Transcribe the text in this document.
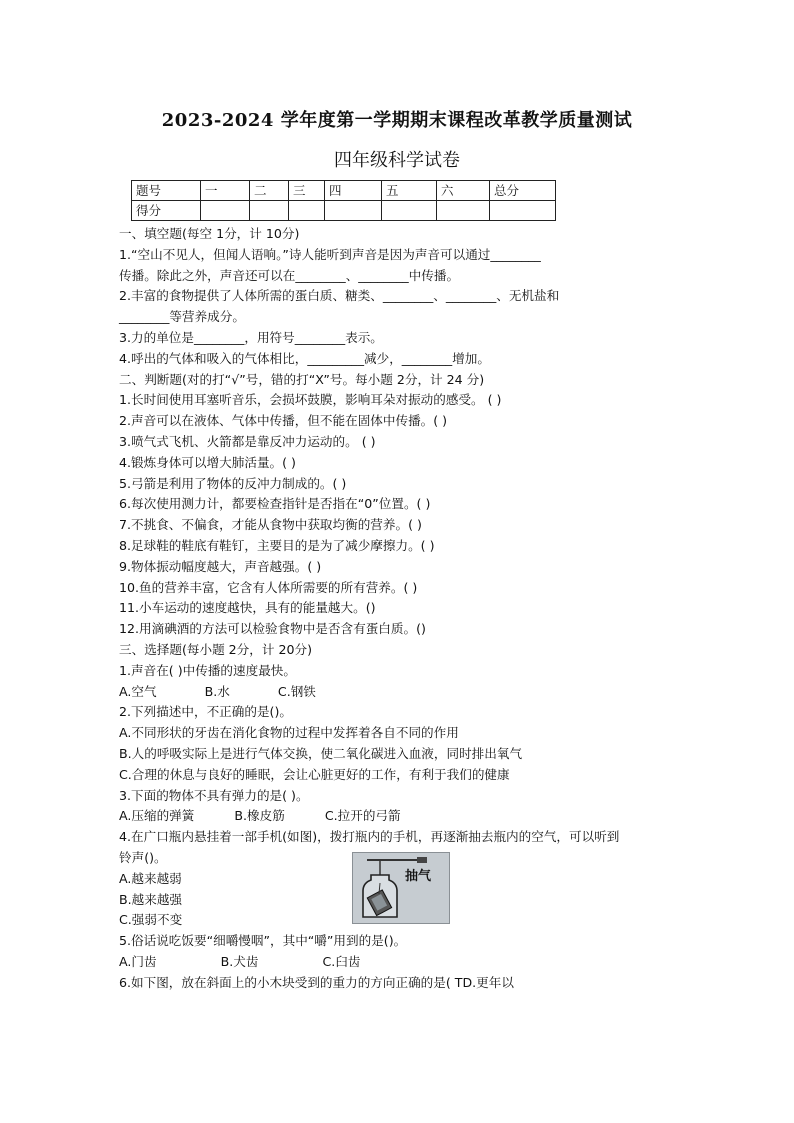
2023-2024 学年度第一学期期末课程改革教学质量测试
四年级科学试卷
题号	一	二	三	四	五	六	总分
得分							
一、填空题(每空 1分，计 10分)
1.“空山不见人，但闻人语响。”诗人能听到声音是因为声音可以通过________
传播。除此之外，声音还可以在________、________中传播。
2.丰富的食物提供了人体所需的蛋白质、糖类、________、________、无机盐和
________等营养成分。
3.力的单位是________，用符号________表示。
4.呼出的气体和吸入的气体相比，_________减少，________增加。
二、判断题(对的打“√”号，错的打“X”号。每小题 2分，计 24 分)
1.长时间使用耳塞听音乐，会损坏鼓膜，影响耳朵对振动的感受。 ( )
2.声音可以在液体、气体中传播，但不能在固体中传播。( )
3.喷气式飞机、火箭都是靠反冲力运动的。 ( )
4.锻炼身体可以增大肺活量。( )
5.弓箭是利用了物体的反冲力制成的。( )
6.每次使用测力计，都要检查指针是否指在“0”位置。( )
7.不挑食、不偏食，才能从食物中获取均衡的营养。( )
8.足球鞋的鞋底有鞋钉，主要目的是为了减少摩擦力。( )
9.物体振动幅度越大，声音越强。( )
10.鱼的营养丰富，它含有人体所需要的所有营养。( )
11.小车运动的速度越快，具有的能量越大。()
12.用滴碘酒的方法可以检验食物中是否含有蛋白质。()
三、选择题(每小题 2分，计 20分)
1.声音在( )中传播的速度最快。
A.空气            B.水            C.钢铁
2.下列描述中，不正确的是()。
A.不同形状的牙齿在消化食物的过程中发挥着各自不同的作用
B.人的呼吸实际上是进行气体交换，使二氧化碳进入血液，同时排出氧气
C.合理的休息与良好的睡眠，会让心脏更好的工作，有利于我们的健康
3.下面的物体不具有弹力的是( )。
A.压缩的弹簧          B.橡皮筋          C.拉开的弓箭
4.在广口瓶内悬挂着一部手机(如图)，拨打瓶内的手机，再逐渐抽去瓶内的空气，可以听到
铃声()。
A.越来越弱
B.越来越强
C.强弱不变
5.俗话说吃饭要“细嚼慢咽”，其中“嚼”用到的是()。
A.门齿                B.犬齿                C.臼齿
6.如下图，放在斜面上的小木块受到的重力的方向正确的是( TD.更年以
抽气
